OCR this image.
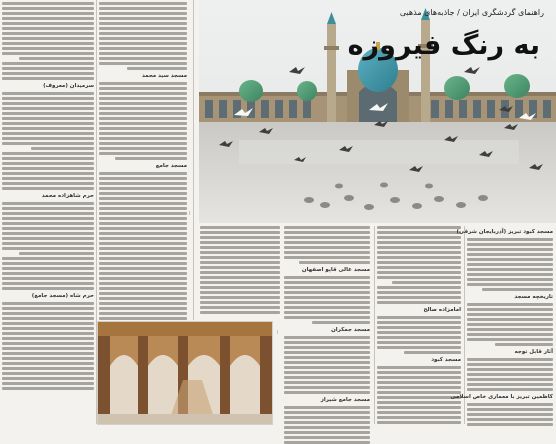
راهنمای گردشگری ایران / جاذبه‌های مذهبی
به رنگ فیروزه
—
سرمیدان (معروف)
حرم شاهزاده محمد
حرم شاه (مسجد جامع)
مسجد سید محمد
مسجد جامع
—
مسجد عالی قاپو اصفهان
مسجد جمکران
مسجد جامع شیراز
امامزاده صالح
مسجد کبود
مسجد کبود تبریز (آذربایجان شرقی)
تاریخچه مسجد
آثار قابل توجه
کاظمین تبریز با معماری خاص اسلامی
